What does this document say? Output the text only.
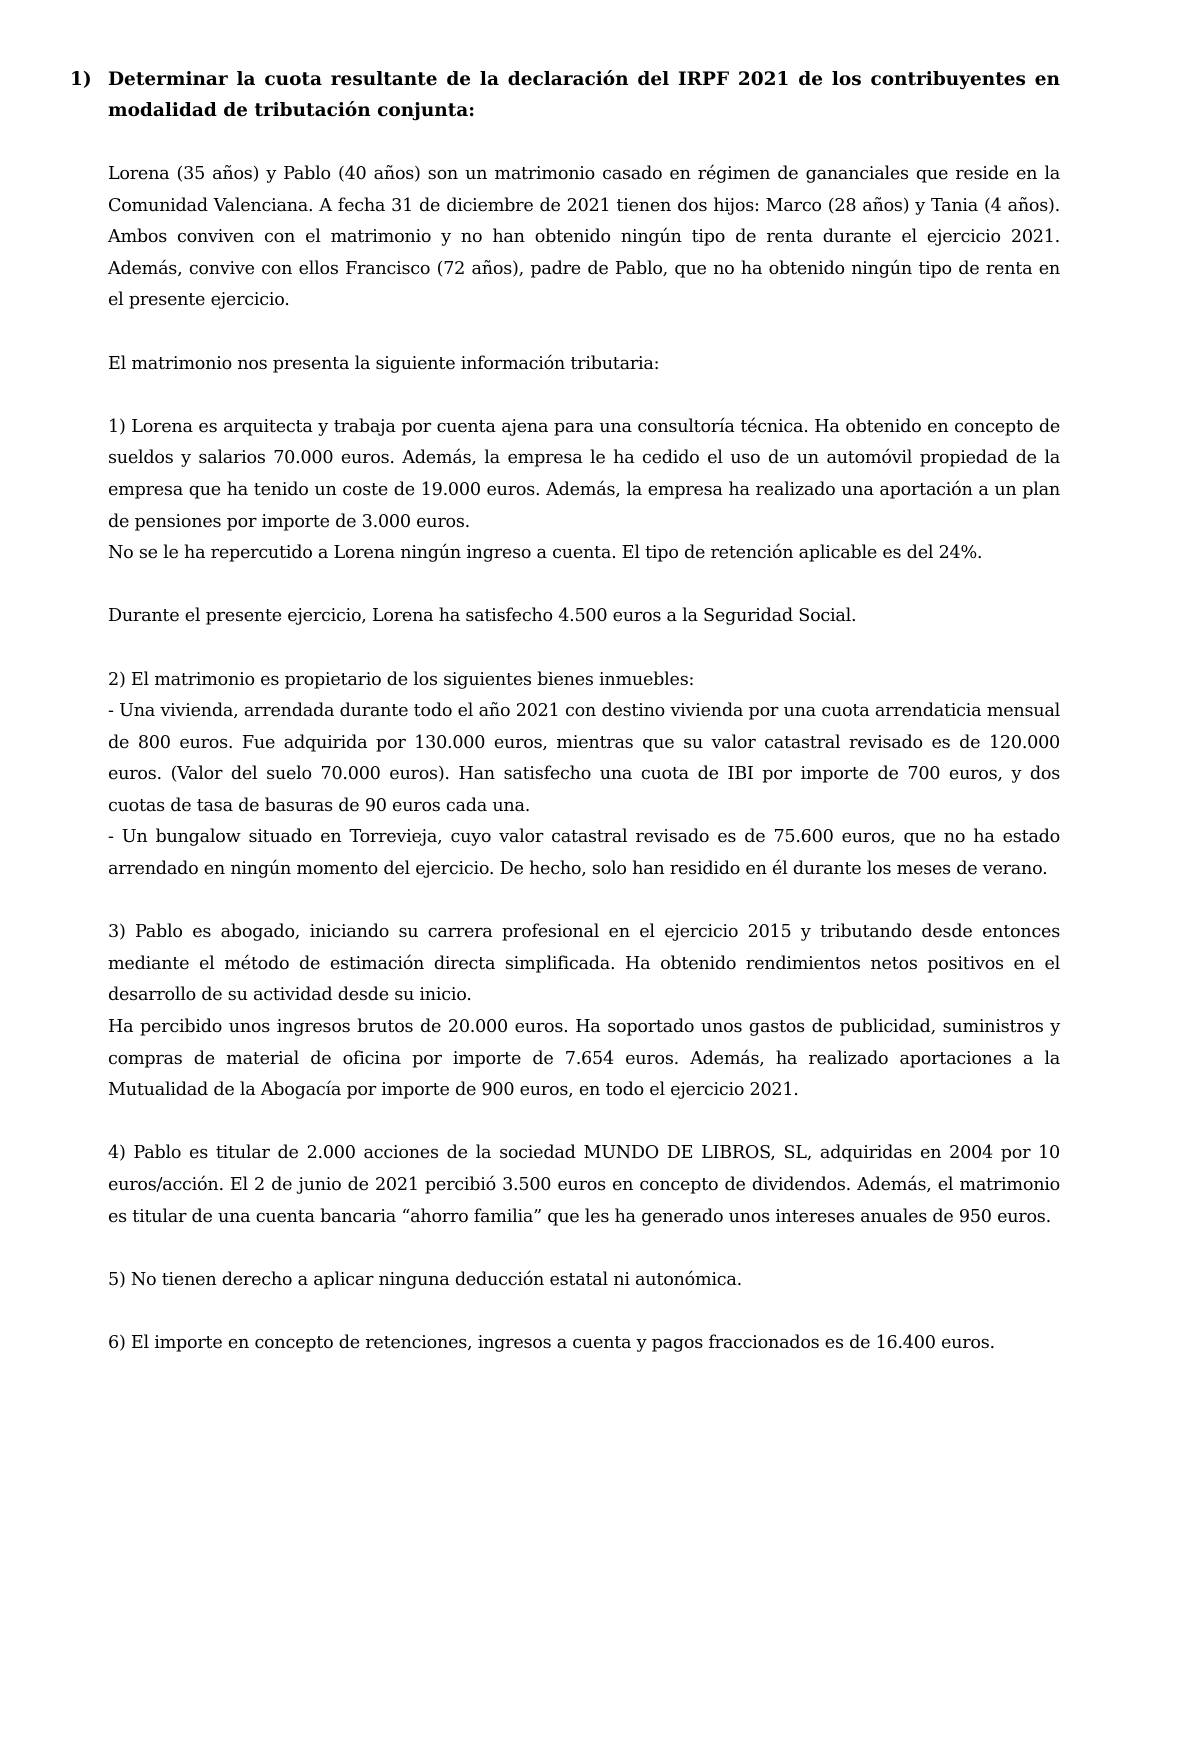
1) Determinar la cuota resultante de la declaración del IRPF 2021 de los contribuyentes en modalidad de tributación conjunta:

Lorena (35 años) y Pablo (40 años) son un matrimonio casado en régimen de gananciales que reside en la Comunidad Valenciana. A fecha 31 de diciembre de 2021 tienen dos hijos: Marco (28 años) y Tania (4 años). Ambos conviven con el matrimonio y no han obtenido ningún tipo de renta durante el ejercicio 2021. Además, convive con ellos Francisco (72 años), padre de Pablo, que no ha obtenido ningún tipo de renta en el presente ejercicio.

El matrimonio nos presenta la siguiente información tributaria:

1) Lorena es arquitecta y trabaja por cuenta ajena para una consultoría técnica. Ha obtenido en concepto de sueldos y salarios 70.000 euros. Además, la empresa le ha cedido el uso de un automóvil propiedad de la empresa que ha tenido un coste de 19.000 euros. Además, la empresa ha realizado una aportación a un plan de pensiones por importe de 3.000 euros.

No se le ha repercutido a Lorena ningún ingreso a cuenta. El tipo de retención aplicable es del 24%.

Durante el presente ejercicio, Lorena ha satisfecho 4.500 euros a la Seguridad Social.

2) El matrimonio es propietario de los siguientes bienes inmuebles:

- Una vivienda, arrendada durante todo el año 2021 con destino vivienda por una cuota arrendaticia mensual de 800 euros. Fue adquirida por 130.000 euros, mientras que su valor catastral revisado es de 120.000 euros. (Valor del suelo 70.000 euros). Han satisfecho una cuota de IBI por importe de 700 euros, y dos cuotas de tasa de basuras de 90 euros cada una.

- Un bungalow situado en Torrevieja, cuyo valor catastral revisado es de 75.600 euros, que no ha estado arrendado en ningún momento del ejercicio. De hecho, solo han residido en él durante los meses de verano.

3) Pablo es abogado, iniciando su carrera profesional en el ejercicio 2015 y tributando desde entonces mediante el método de estimación directa simplificada. Ha obtenido rendimientos netos positivos en el desarrollo de su actividad desde su inicio.

Ha percibido unos ingresos brutos de 20.000 euros. Ha soportado unos gastos de publicidad, suministros y compras de material de oficina por importe de 7.654 euros. Además, ha realizado aportaciones a la Mutualidad de la Abogacía por importe de 900 euros, en todo el ejercicio 2021.

4) Pablo es titular de 2.000 acciones de la sociedad MUNDO DE LIBROS, SL, adquiridas en 2004 por 10 euros/acción. El 2 de junio de 2021 percibió 3.500 euros en concepto de dividendos. Además, el matrimonio es titular de una cuenta bancaria “ahorro familia” que les ha generado unos intereses anuales de 950 euros.

5) No tienen derecho a aplicar ninguna deducción estatal ni autonómica.

6) El importe en concepto de retenciones, ingresos a cuenta y pagos fraccionados es de 16.400 euros.
